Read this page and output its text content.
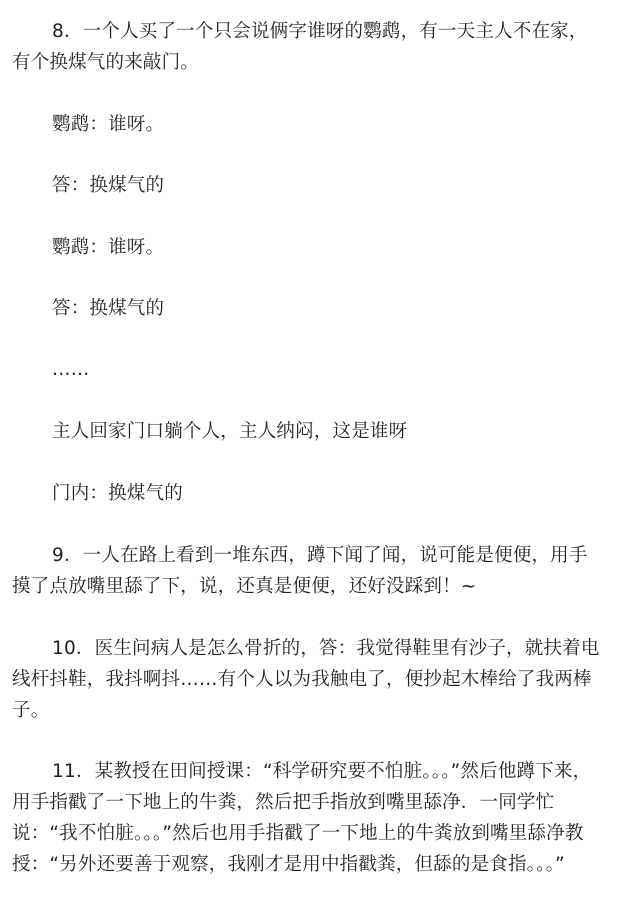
8．一个人买了一个只会说俩字谁呀的鹦鹉，有一天主人不在家，
有个换煤气的来敲门。

鹦鹉：谁呀。

答：换煤气的

鹦鹉：谁呀。

答：换煤气的

……

主人回家门口躺个人，主人纳闷，这是谁呀

门内：换煤气的

9．一人在路上看到一堆东西，蹲下闻了闻，说可能是便便，用手
摸了点放嘴里舔了下，说，还真是便便，还好没踩到！~

10．医生问病人是怎么骨折的，答：我觉得鞋里有沙子，就扶着电
线杆抖鞋，我抖啊抖……有个人以为我触电了，便抄起木棒给了我两棒
子。

11．某教授在田间授课：“科学研究要不怕脏。。。”然后他蹲下来，
用手指戳了一下地上的牛粪，然后把手指放到嘴里舔净．一同学忙
说：“我不怕脏。。。”然后也用手指戳了一下地上的牛粪放到嘴里舔净教
授：“另外还要善于观察，我刚才是用中指戳粪，但舔的是食指。。。”
